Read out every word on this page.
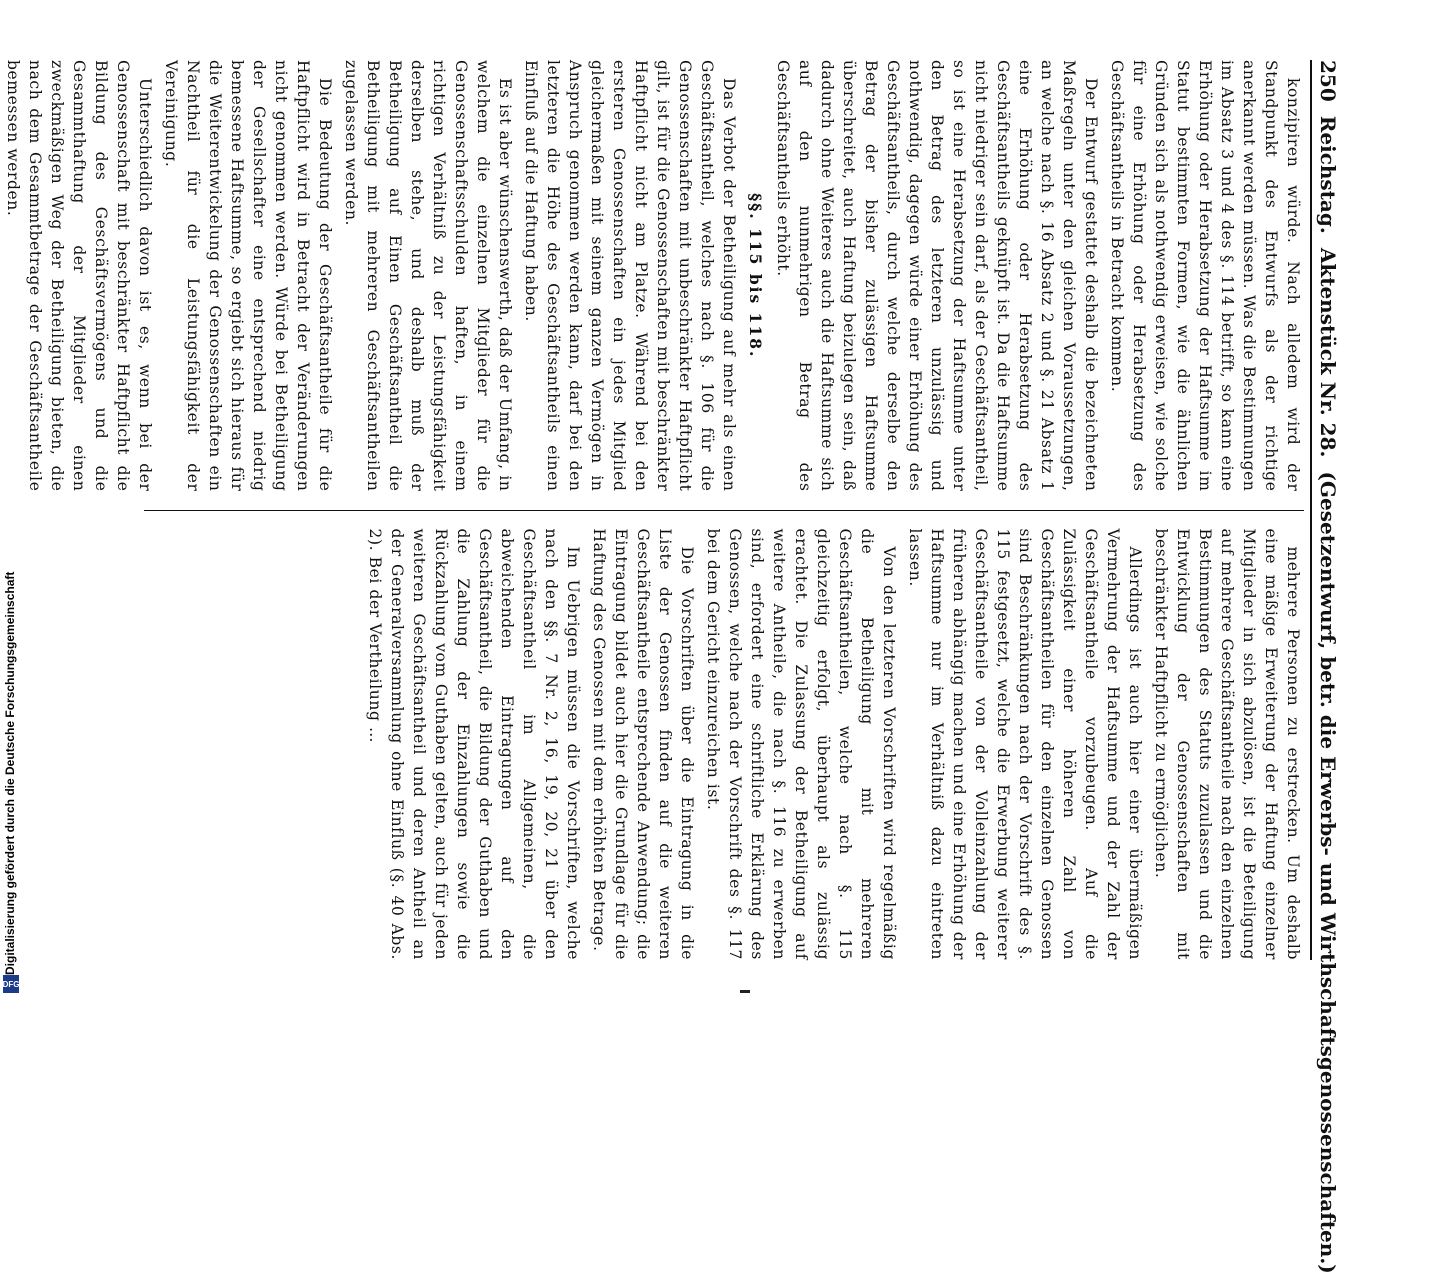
Digitalisierung gefördert durch die Deutsche Forschungsgemeinschaft
DFG
250
Reichstag.
Aktenstück Nr. 28.
(Gesetzentwurf, betr. die Erwerbs- und Wirthschaftsgenossenschaften.)

konzipiren würde. Nach alledem wird der Standpunkt des Entwurfs als der richtige anerkannt werden müssen. Was die Bestimmungen im Absatz 3 und 4 des §. 114 betrifft, so kann eine Erhöhung oder Herabsetzung der Haftsumme im Statut bestimmten Formen, wie die ähnlichen Gründen sich als nothwendig erweisen, wie solche für eine Erhöhung oder Herabsetzung des Geschäftsantheils in Betracht kommen.

Der Entwurf gestattet deshalb die bezeichneten Maßregeln unter den gleichen Voraussetzungen, an welche nach §. 16 Absatz 2 und §. 21 Absatz 1 eine Erhöhung oder Herabsetzung des Geschäftsantheils geknüpft ist. Da die Haftsumme nicht niedriger sein darf, als der Geschäftsantheil, so ist eine Herabsetzung der Haftsumme unter den Betrag des letzteren unzulässig und nothwendig, dagegen würde einer Erhöhung des Geschäftsantheils, durch welche derselbe den Betrag der bisher zulässigen Haftsumme überschreitet, auch Haftung beizulegen sein, daß dadurch ohne Weiteres auch die Haftsumme sich auf den nunmehrigen Betrag des Geschäftsantheils erhöht.

§§. 115 bis 118.

Das Verbot der Betheiligung auf mehr als einen Geschäftsantheil, welches nach §. 106 für die Genossenschaften mit unbeschränkter Haftpflicht gilt, ist für die Genossenschaften mit beschränkter Haftpflicht nicht am Platze. Während bei den ersteren Genossenschaften ein jedes Mitglied gleichermaßen mit seinem ganzen Vermögen in Anspruch genommen werden kann, darf bei den letzteren die Höhe des Geschäftsantheils einen Einfluß auf die Haftung haben.

Es ist aber wünschenswerth, daß der Umfang, in welchem die einzelnen Mitglieder für die Genossenschaftsschulden haften, in einem richtigen Verhältniß zu der Leistungsfähigkeit derselben stehe, und deshalb muß der Betheiligung auf Einen Geschäftsantheil die Betheiligung mit mehreren Geschäftsantheilen zugelassen werden.

Die Bedeutung der Geschäftsantheile für die Haftpflicht wird in Betracht der Veränderungen nicht genommen werden. Würde bei Betheiligung der Gesellschafter eine entsprechend niedrig bemessene Haftsumme, so ergiebt sich hieraus für die Weiterentwickelung der Genossenschaften ein Nachtheil für die Leistungsfähigkeit der Vereinigung.

Unterschiedlich davon ist es, wenn bei der Genossenschaft mit beschränkter Haftpflicht die Bildung des Geschäftsvermögens und die Gesammthaftung der Mitglieder einen zweckmäßigen Weg der Betheiligung bieten, die nach dem Gesammtbetrage der Geschäftsantheile bemessen werden.

mehrere Personen zu erstrecken. Um deshalb eine mäßige Erweiterung der Haftung einzelner Mitglieder in sich abzulösen, ist die Beteiligung auf mehrere Geschäftsantheile nach den einzelnen Bestimmungen des Statuts zuzulassen und die Entwicklung der Genossenschaften mit beschränkter Haftpflicht zu ermöglichen.

Allerdings ist auch hier einer übermäßigen Vermehrung der Haftsumme und der Zahl der Geschäftsantheile vorzubeugen. Auf die Zulässigkeit einer höheren Zahl von Geschäftsantheilen für den einzelnen Genossen sind Beschränkungen nach der Vorschrift des §. 115 festgesetzt, welche die Erwerbung weiterer Geschäftsantheile von der Volleinzahlung der früheren abhängig machen und eine Erhöhung der Haftsumme nur im Verhältniß dazu eintreten lassen.

Von den letzteren Vorschriften wird regelmäßig die Betheiligung mit mehreren Geschäftsantheilen, welche nach §. 115 gleichzeitig erfolgt, überhaupt als zulässig erachtet. Die Zulassung der Betheiligung auf weitere Antheile, die nach §. 116 zu erwerben sind, erfordert eine schriftliche Erklärung des Genossen, welche nach der Vorschrift des §. 117 bei dem Gericht einzureichen ist.

Die Vorschriften über die Eintragung in die Liste der Genossen finden auf die weiteren Geschäftsantheile entsprechende Anwendung; die Eintragung bildet auch hier die Grundlage für die Haftung des Genossen mit dem erhöhten Betrage.

Im Uebrigen müssen die Vorschriften, welche nach den §§. 7 Nr. 2, 16, 19, 20, 21 über den Geschäftsantheil im Allgemeinen, die abweichenden Eintragungen auf den Geschäftsantheil, die Bildung der Guthaben und die Zahlung der Einzahlungen sowie die Rückzahlung vom Guthaben gelten, auch für jeden weiteren Geschäftsantheil und deren Antheil an der Generalversammlung ohne Einfluß (§. 40 Abs. 2). Bei der Vertheilung …
